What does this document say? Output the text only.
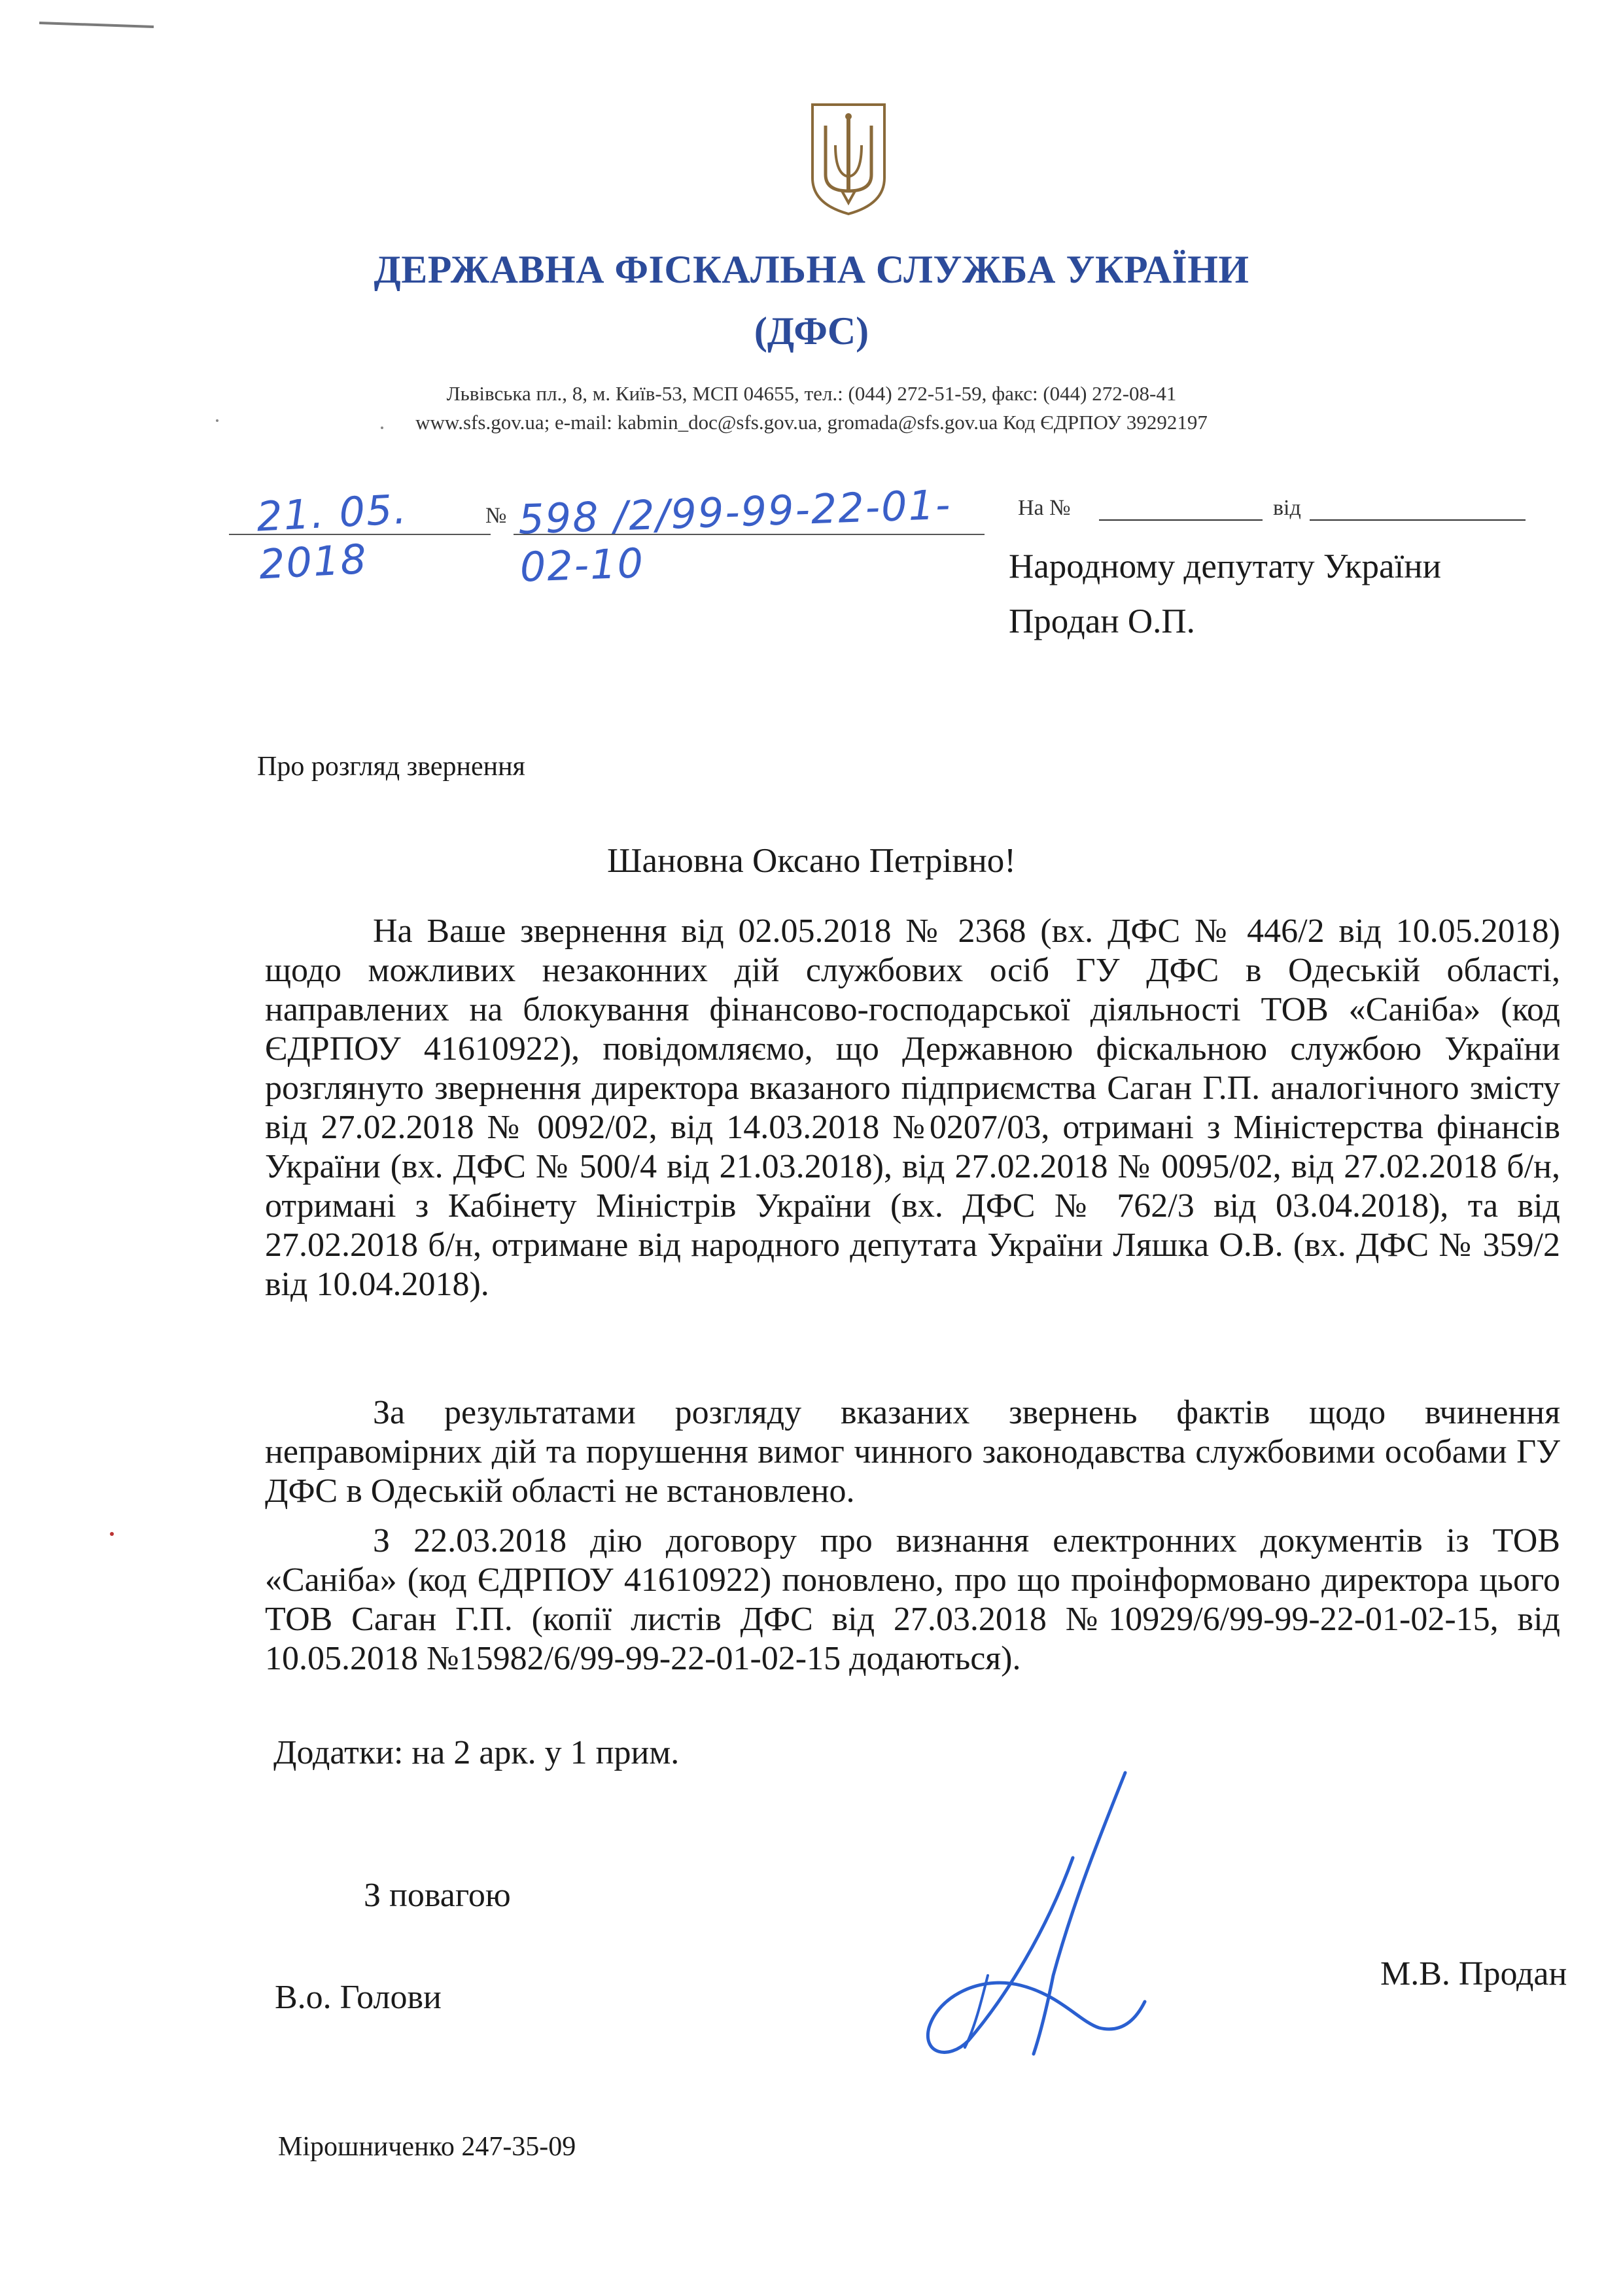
ДЕРЖАВНА ФІСКАЛЬНА СЛУЖБА УКРАЇНИ
(ДФС)
Львівська пл., 8, м. Київ-53, МСП 04655, тел.: (044) 272-51-59, факс: (044) 272-08-41
www.sfs.gov.ua; e-mail: kabmin_doc@sfs.gov.ua, gromada@sfs.gov.ua Код ЄДРПОУ 39292197
21. 05. 2018
№ 598 /2/99-99-22-01-02-10
На №	від
Народному депутату України
Продан О.П.
Про розгляд звернення
Шановна Оксано Петрівно!

На Ваше звернення від 02.05.2018 № 2368 (вх. ДФС № 446/2 від 10.05.2018) щодо можливих незаконних дій службових осіб ГУ ДФС в Одеській області, направлених на блокування фінансово-господарської діяльності ТОВ «Саніба» (код ЄДРПОУ 41610922), повідомляємо, що Державною фіскальною службою України розглянуто звернення директора вказаного підприємства Саган Г.П. аналогічного змісту від 27.02.2018 № 0092/02, від 14.03.2018 №0207/03, отримані з Міністерства фінансів України (вх. ДФС № 500/4 від 21.03.2018), від 27.02.2018 № 0095/02, від 27.02.2018 б/н, отримані з Кабінету Міністрів України (вх. ДФС № 762/3 від 03.04.2018), та від 27.02.2018 б/н, отримане від народного депутата України Ляшка О.В. (вх. ДФС № 359/2 від 10.04.2018).

За результатами розгляду вказаних звернень фактів щодо вчинення неправомірних дій та порушення вимог чинного законодавства службовими особами ГУ ДФС в Одеській області не встановлено.

З 22.03.2018 дію договору про визнання електронних документів із ТОВ «Саніба» (код ЄДРПОУ 41610922) поновлено, про що проінформовано директора цього ТОВ Саган Г.П. (копії листів ДФС від 27.03.2018 №10929/6/99-99-22-01-02-15, від 10.05.2018 №15982/6/99-99-22-01-02-15 додаються).

Додатки: на 2 арк. у 1 прим.
З повагою
В.о. Голови
М.В. Продан
Мірошниченко 247-35-09
